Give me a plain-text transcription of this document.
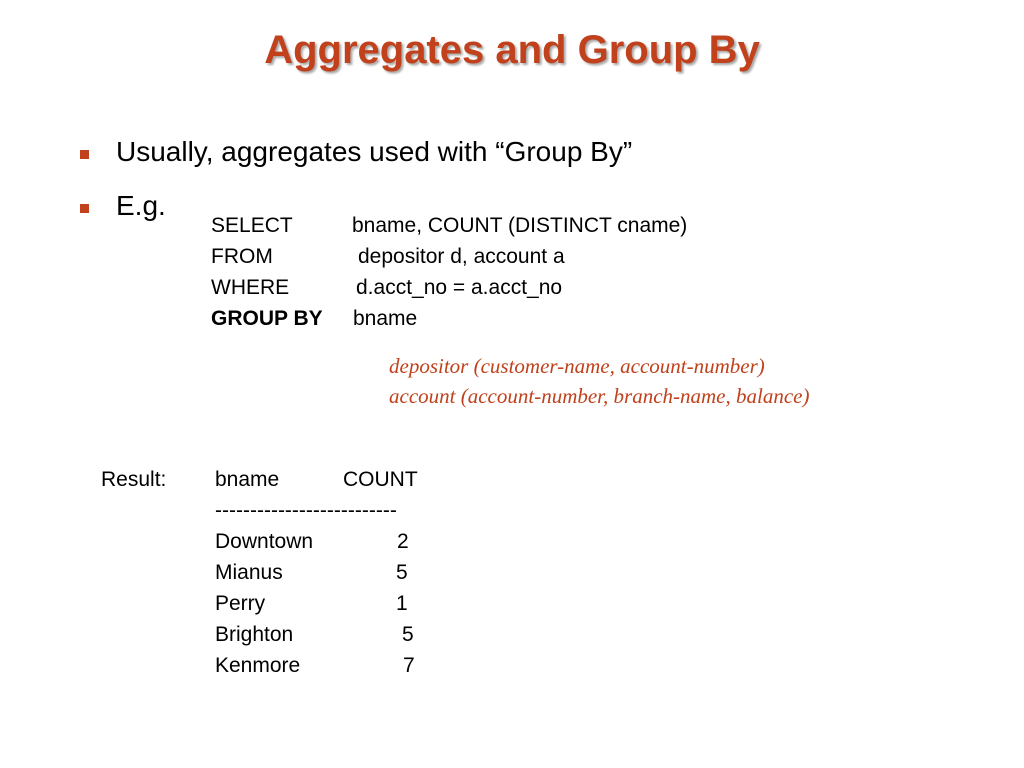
Aggregates and Group By
Usually, aggregates used with “Group By”
E.g.
SELECT	bname, COUNT (DISTINCT cname)
FROM	depositor d, account a
WHERE	d.acct_no = a.acct_no
GROUP BY bname
depositor (customer-name, account-number)
account (account-number, branch-name, balance)
Result: bname	COUNT
--------------------------
Downtown	2
Mianus	5
Perry	1
Brighton	5
Kenmore	7
